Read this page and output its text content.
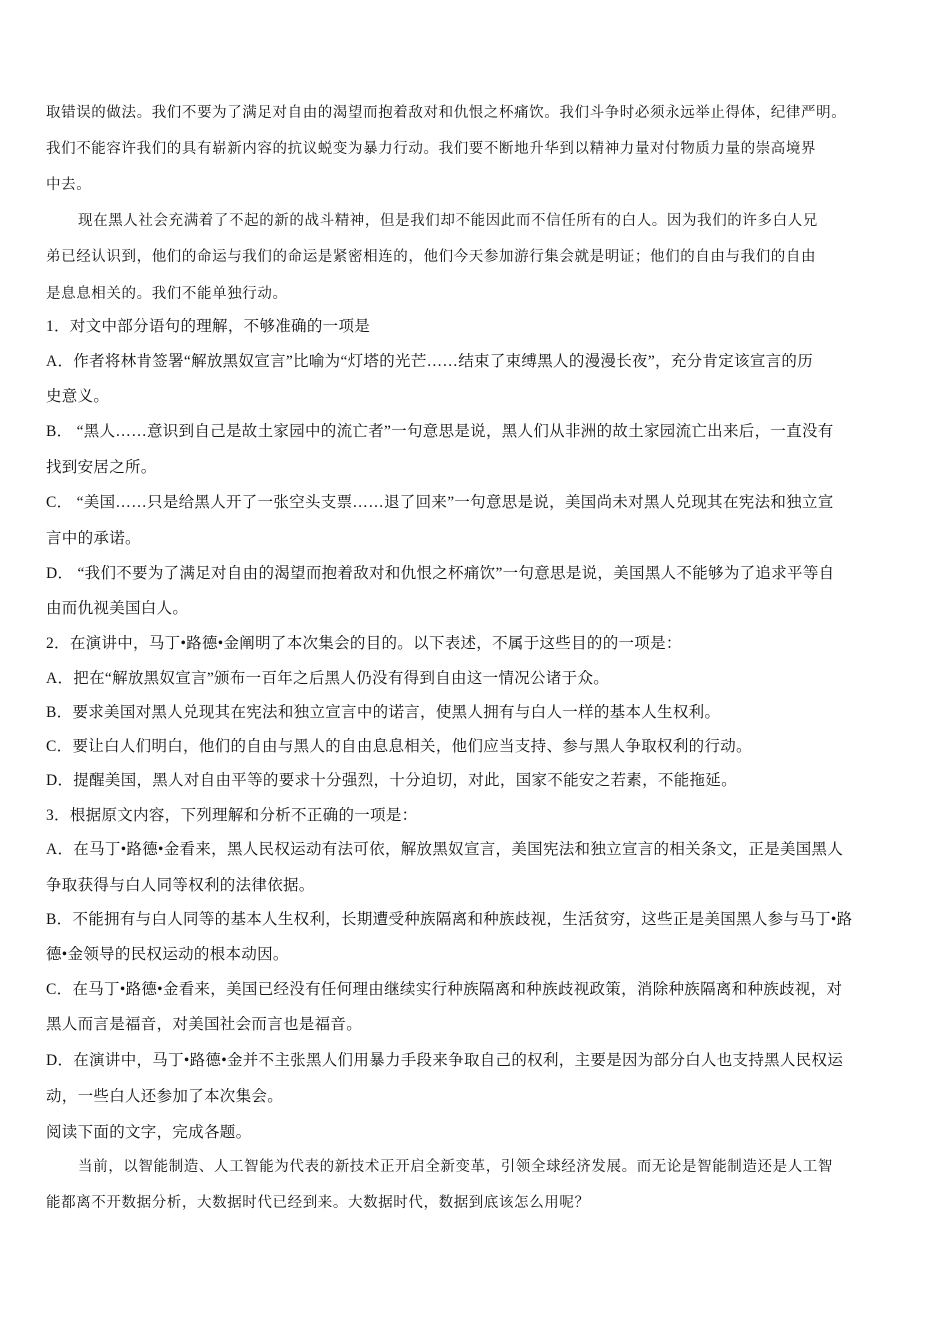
取错误的做法。我们不要为了满足对自由的渴望而抱着敌对和仇恨之杯痛饮。我们斗争时必须永远举止得体，纪律严明。
我们不能容许我们的具有崭新内容的抗议蜕变为暴力行动。我们要不断地升华到以精神力量对付物质力量的崇高境界
中去。
现在黑人社会充满着了不起的新的战斗精神，但是我们却不能因此而不信任所有的白人。因为我们的许多白人兄
弟已经认识到，他们的命运与我们的命运是紧密相连的，他们今天参加游行集会就是明证；他们的自由与我们的自由
是息息相关的。我们不能单独行动。
1．对文中部分语句的理解，不够准确的一项是
A．作者将林肯签署“解放黑奴宣言”比喻为“灯塔的光芒……结束了束缚黑人的漫漫长夜”，充分肯定该宣言的历
史意义。
B． “黑人……意识到自己是故土家园中的流亡者”一句意思是说，黑人们从非洲的故土家园流亡出来后，一直没有
找到安居之所。
C． “美国……只是给黑人开了一张空头支票……退了回来”一句意思是说，美国尚未对黑人兑现其在宪法和独立宣
言中的承诺。
D． “我们不要为了满足对自由的渴望而抱着敌对和仇恨之杯痛饮”一句意思是说，美国黑人不能够为了追求平等自
由而仇视美国白人。
2．在演讲中，马丁•路德•金阐明了本次集会的目的。以下表述，不属于这些目的的一项是：
A．把在“解放黑奴宣言”颁布一百年之后黑人仍没有得到自由这一情况公诸于众。
B．要求美国对黑人兑现其在宪法和独立宣言中的诺言，使黑人拥有与白人一样的基本人生权利。
C．要让白人们明白，他们的自由与黑人的自由息息相关，他们应当支持、参与黑人争取权利的行动。
D．提醒美国，黑人对自由平等的要求十分强烈，十分迫切，对此，国家不能安之若素，不能拖延。
3．根据原文内容，下列理解和分析不正确的一项是：
A．在马丁•路德•金看来，黑人民权运动有法可依，解放黑奴宣言，美国宪法和独立宣言的相关条文，正是美国黑人
争取获得与白人同等权利的法律依据。
B．不能拥有与白人同等的基本人生权利，长期遭受种族隔离和种族歧视，生活贫穷，这些正是美国黑人参与马丁•路
德•金领导的民权运动的根本动因。
C．在马丁•路德•金看来，美国已经没有任何理由继续实行种族隔离和种族歧视政策，消除种族隔离和种族歧视，对
黑人而言是福音，对美国社会而言也是福音。
D．在演讲中，马丁•路德•金并不主张黑人们用暴力手段来争取自己的权利，主要是因为部分白人也支持黑人民权运
动，一些白人还参加了本次集会。
阅读下面的文字，完成各题。
当前，以智能制造、人工智能为代表的新技术正开启全新变革，引领全球经济发展。而无论是智能制造还是人工智
能都离不开数据分析，大数据时代已经到来。大数据时代，数据到底该怎么用呢？
